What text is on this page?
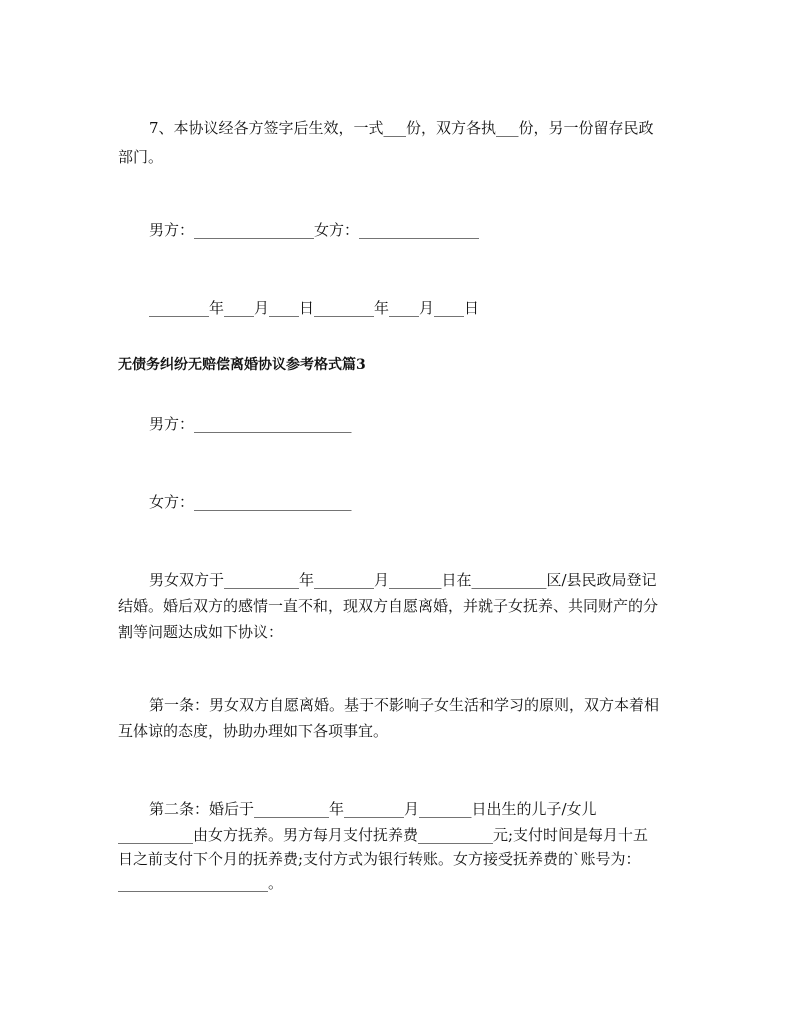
7、本协议经各方签字后生效，一式___份，双方各执___份，另一份留存民政
部门。
男方：________________女方：________________
________年____月____日________年____月____日
无债务纠纷无赔偿离婚协议参考格式篇3
男方：_____________________
女方：_____________________
男女双方于__________年________月_______日在__________区/县民政局登记
结婚。婚后双方的感情一直不和，现双方自愿离婚，并就子女抚养、共同财产的分
割等问题达成如下协议：
第一条：男女双方自愿离婚。基于不影响子女生活和学习的原则，双方本着相
互体谅的态度，协助办理如下各项事宜。
第二条：婚后于__________年________月_______日出生的儿子/女儿
__________由女方抚养。男方每月支付抚养费__________元;支付时间是每月十五
日之前支付下个月的抚养费;支付方式为银行转账。女方接受抚养费的`账号为：
____________________。
